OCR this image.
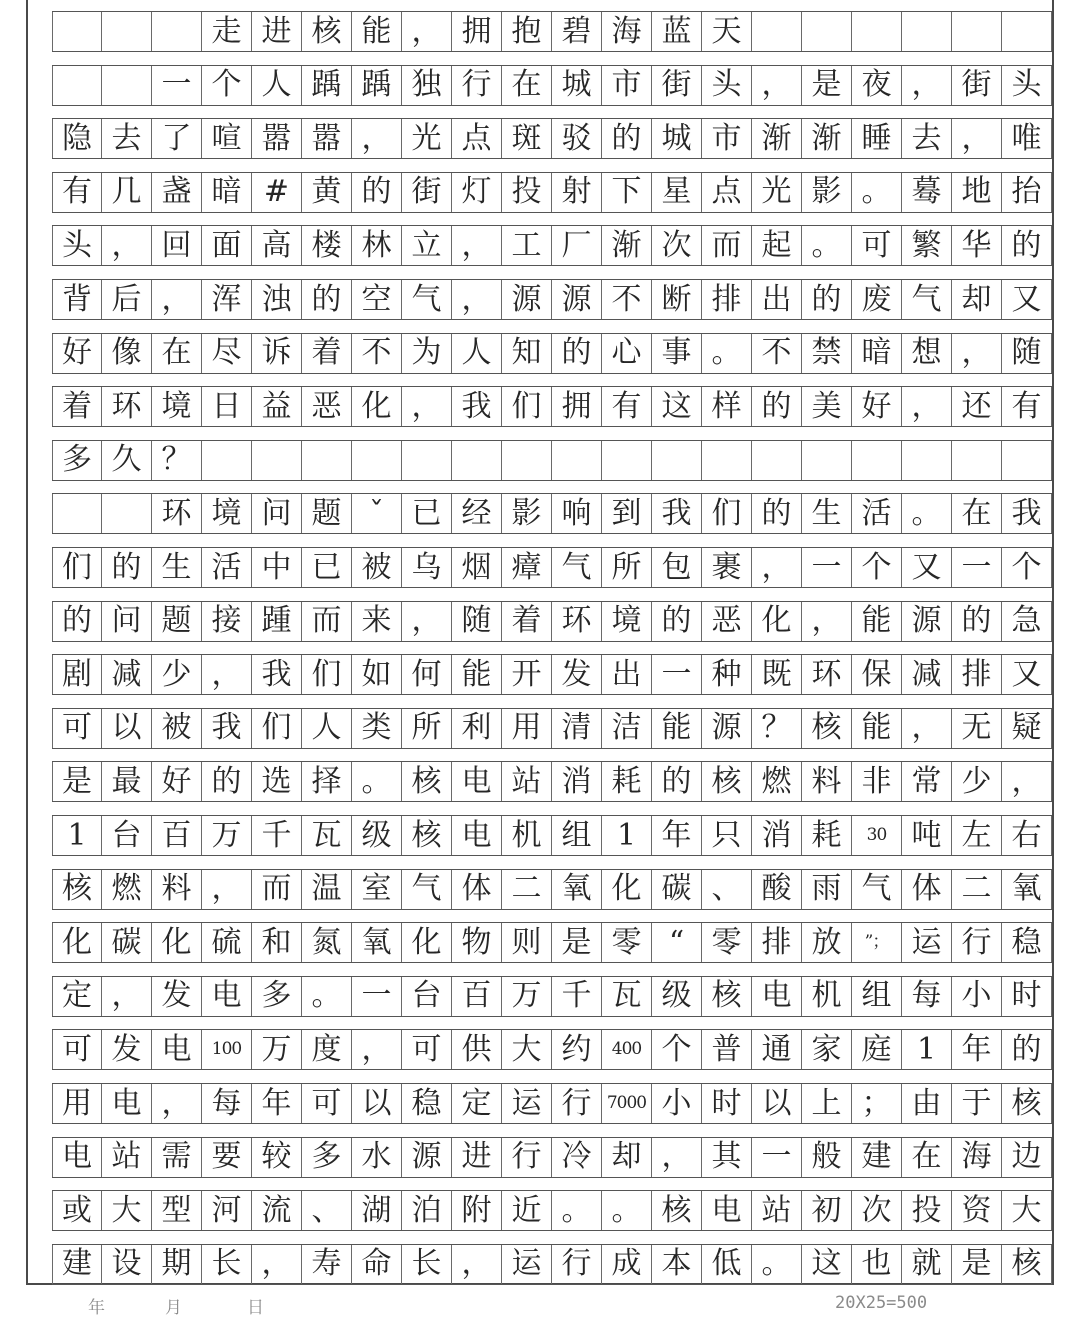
走 进 核 能 ， 拥 抱 碧 海 蓝 天
一 个 人 踽 踽 独 行 在 城 市 街 头 ， 是 夜 ， 街 头
隐 去 了 喧 嚣 嚣 ， 光 点 斑 驳 的 城 市 渐 渐 睡 去 ， 唯
有 几 盏 暗 # 黄 的 街 灯 投 射 下 星 点 光 影 。 蓦 地 抬
头 ， 回 面 高 楼 林 立 ， 工 厂 渐 次 而 起 。 可 繁 华 的
背 后 ， 浑 浊 的 空 气 ， 源 源 不 断 排 出 的 废 气 却 又
好 像 在 尽 诉 着 不 为 人 知 的 心 事 。 不 禁 暗 想 ， 随
着 环 境 日 益 恶 化 ， 我 们 拥 有 这 样 的 美 好 ， 还 有
多 久 ？
环 境 问 题 ˇ 已 经 影 响 到 我 们 的 生 活 。 在 我
们 的 生 活 中 已 被 乌 烟 瘴 气 所 包 裹 ， 一 个 又 一 个
的 问 题 接 踵 而 来 ， 随 着 环 境 的 恶 化 ， 能 源 的 急
剧 减 少 ， 我 们 如 何 能 开 发 出 一 种 既 环 保 减 排 又
可 以 被 我 们 人 类 所 利 用 清 洁 能 源 ？ 核 能 ， 无 疑
是 最 好 的 选 择 。 核 电 站 消 耗 的 核 燃 料 非 常 少 ，
1 台 百 万 千 瓦 级 核 电 机 组 1 年 只 消 耗	30 吨 左 右
核 燃 料 ， 而 温 室 气 体 二 氧 化 碳 、 酸 雨 气 体 二 氧
化 碳 化 硫 和 氮 氧 化 物 则 是 零 “ 零 排 放	”； 运 行 稳
定 ， 发 电 多 。 一 台 百 万 千 瓦 级 核 电 机 组 每 小 时
可 发 电	100 万 度 ， 可 供 大 约	400 个 普 通 家 庭 1 年 的
用 电 ， 每 年 可 以 稳 定 运 行 7000 小 时 以 上 ； 由 于 核
电 站 需 要 较 多 水 源 进 行 冷 却 ， 其 一 般 建 在 海 边
或 大 型 河 流 、 湖 泊 附 近 。 。 核 电 站 初 次 投 资 大
建 设 期 长 ， 寿 命 长 ， 运 行 成 本 低 。 这 也 就 是 核
年	月	日	20X25=500
